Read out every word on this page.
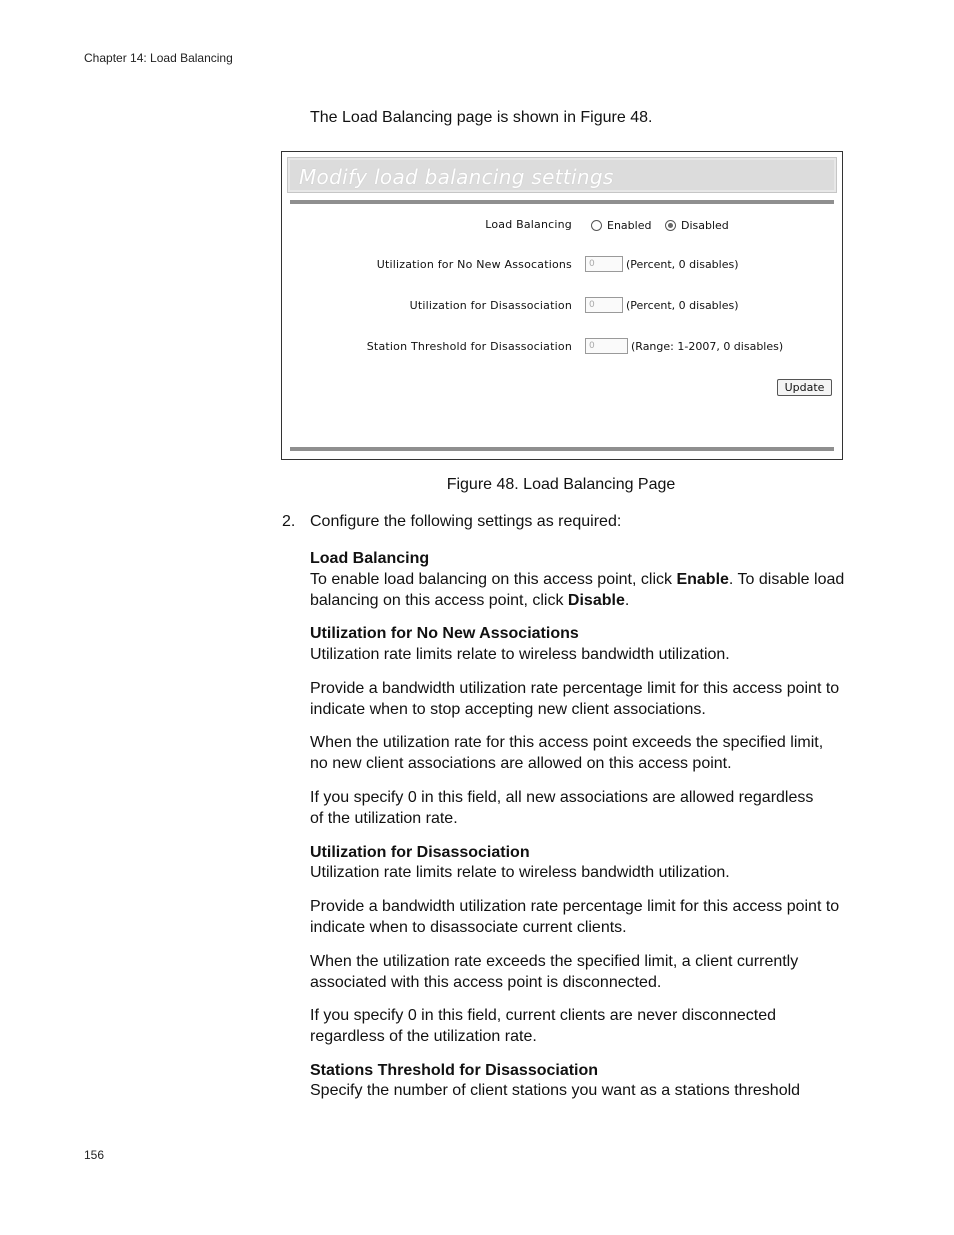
Chapter 14: Load Balancing
The Load Balancing page is shown in Figure 48.
Modify load balancing settings
Load Balancing	Enabled	Disabled
Utilization for No New Assocations	0	(Percent, 0 disables)
Utilization for Disassociation	0	(Percent, 0 disables)
Station Threshold for Disassociation	0	(Range: 1-2007, 0 disables)
Update
Figure 48. Load Balancing Page
2. Configure the following settings as required:
Load Balancing
To enable load balancing on this access point, click Enable. To disable load balancing on this access point, click Disable.
Utilization for No New Associations
Utilization rate limits relate to wireless bandwidth utilization.
Provide a bandwidth utilization rate percentage limit for this access point to indicate when to stop accepting new client associations.
When the utilization rate for this access point exceeds the specified limit, no new client associations are allowed on this access point.
If you specify 0 in this field, all new associations are allowed regardless of the utilization rate.
Utilization for Disassociation
Utilization rate limits relate to wireless bandwidth utilization.
Provide a bandwidth utilization rate percentage limit for this access point to indicate when to disassociate current clients.
When the utilization rate exceeds the specified limit, a client currently associated with this access point is disconnected.
If you specify 0 in this field, current clients are never disconnected regardless of the utilization rate.
Stations Threshold for Disassociation
Specify the number of client stations you want as a stations threshold
156
